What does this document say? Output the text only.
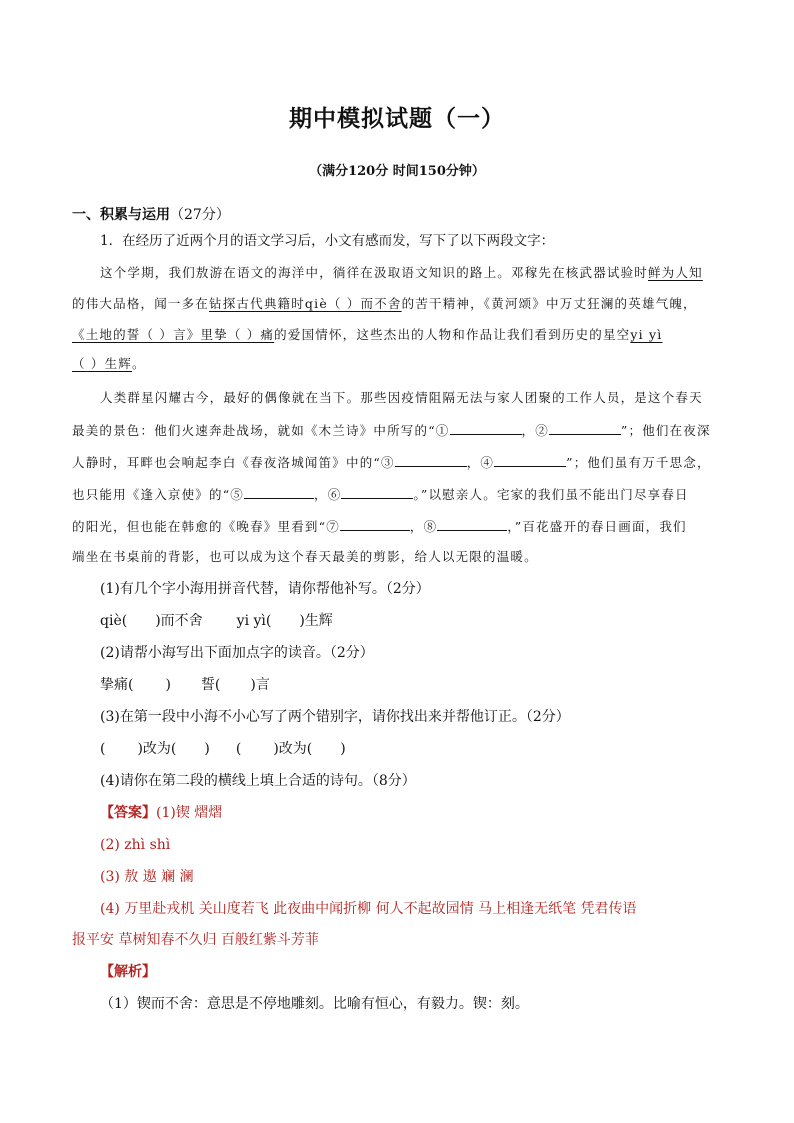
期中模拟试题（一）
（满分120分 时间150分钟）
一、积累与运用（27分）
1．在经历了近两个月的语文学习后，小文有感而发，写下了以下两段文字：
这个学期，我们敖游在语文的海洋中，徜徉在汲取语文知识的路上。邓稼先在核武器试验时鲜为人知
的伟大品格，闻一多在钻探古代典籍时qiè（ ）而不舍的苦干精神，《黄河颂》中万丈狂澜的英雄气魄，
《土地的誓（ ）言》里挚（ ）痛的爱国情怀，这些杰出的人物和作品让我们看到历史的星空yi yì
（ ）生辉。
人类群星闪耀古今，最好的偶像就在当下。那些因疫情阻隔无法与家人团聚的工作人员，是这个春天
最美的景色：他们火速奔赴战场，就如《木兰诗》中所写的“①	，②	”；他们在夜深
人静时，耳畔也会响起李白《春夜洛城闻笛》中的“③	，④	”；他们虽有万千思念，
也只能用《逢入京使》的“⑤	，⑥	。”以慰亲人。宅家的我们虽不能出门尽享春日
的阳光，但也能在韩愈的《晚春》里看到“⑦	，⑧	，”百花盛开的春日画面，我们
端坐在书桌前的背影，也可以成为这个春天最美的剪影，给人以无限的温暖。
(1)有几个字小海用拼音代替，请你帮他补写。（2分）
qiè( )而不舍 yi yì( )生辉
(2)请帮小海写出下面加点字的读音。（2分）
挚痛( ) 誓( )言
(3)在第一段中小海不小心写了两个错别字，请你找出来并帮他订正。（2分）
( )改为( ) ( )改为( )
(4)请你在第二段的横线上填上合适的诗句。（8分）
【答案】(1)锲 熠熠
(2) zhì shì
(3) 敖 遨 斓 澜
(4) 万里赴戎机 关山度若飞 此夜曲中闻折柳 何人不起故园情 马上相逢无纸笔 凭君传语
报平安 草树知春不久归 百般红紫斗芳菲
【解析】
（1）锲而不舍：意思是不停地雕刻。比喻有恒心，有毅力。锲：刻。
